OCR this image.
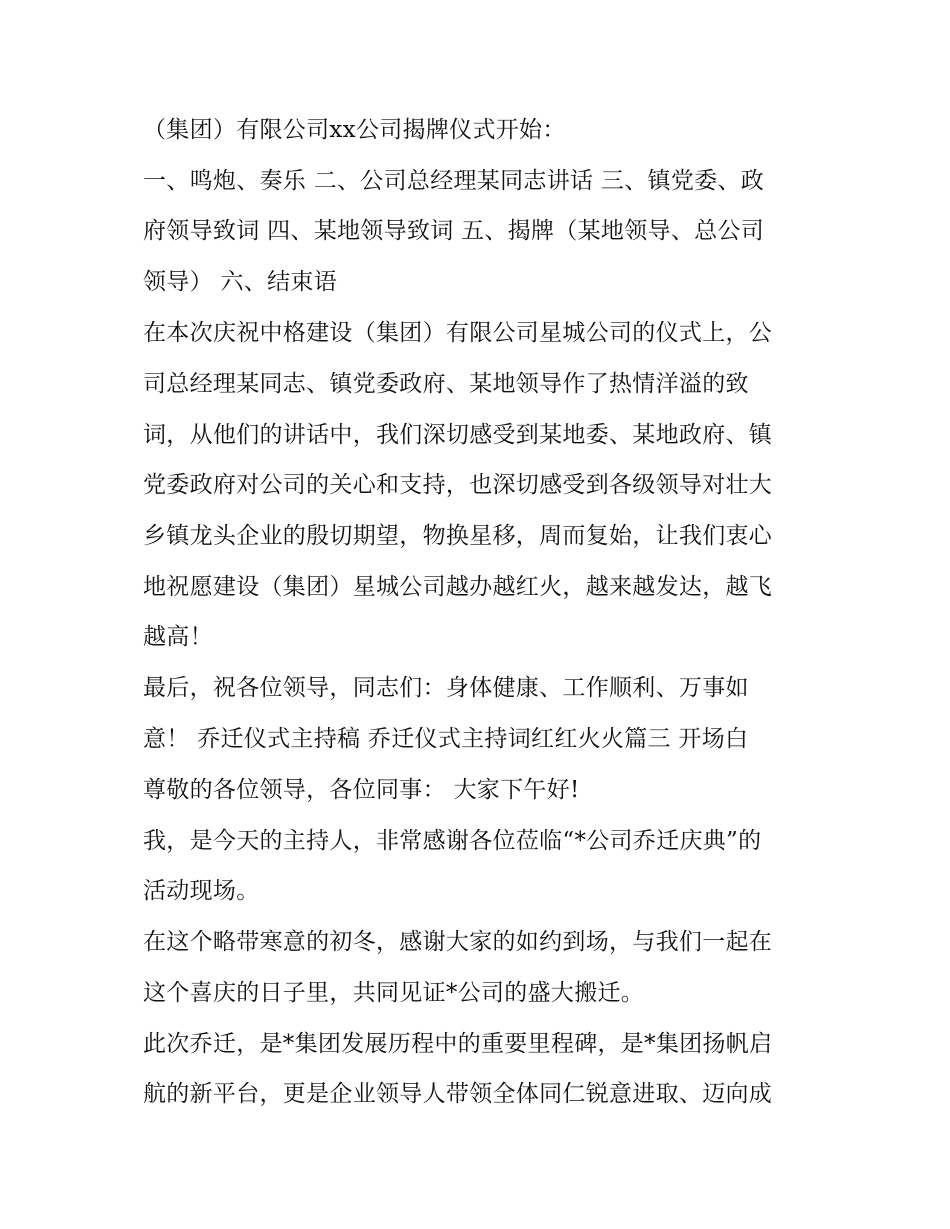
（集团）有限公司xx公司揭牌仪式开始：
一、鸣炮、奏乐 二、公司总经理某同志讲话 三、镇党委、政
府领导致词 四、某地领导致词 五、揭牌（某地领导、总公司
领导） 六、结束语
在本次庆祝中格建设（集团）有限公司星城公司的仪式上，公
司总经理某同志、镇党委政府、某地领导作了热情洋溢的致
词，从他们的讲话中，我们深切感受到某地委、某地政府、镇
党委政府对公司的关心和支持，也深切感受到各级领导对壮大
乡镇龙头企业的殷切期望，物换星移，周而复始，让我们衷心
地祝愿建设（集团）星城公司越办越红火，越来越发达，越飞
越高！
最后，祝各位领导，同志们：身体健康、工作顺利、万事如
意！ 乔迁仪式主持稿 乔迁仪式主持词红红火火篇三 开场白
尊敬的各位领导，各位同事： 大家下午好!
我，是今天的主持人，非常感谢各位莅临“*公司乔迁庆典”的
活动现场。
在这个略带寒意的初冬，感谢大家的如约到场，与我们一起在
这个喜庆的日子里，共同见证*公司的盛大搬迁。
此次乔迁，是*集团发展历程中的重要里程碑，是*集团扬帆启
航的新平台，更是企业领导人带领全体同仁锐意进取、迈向成
